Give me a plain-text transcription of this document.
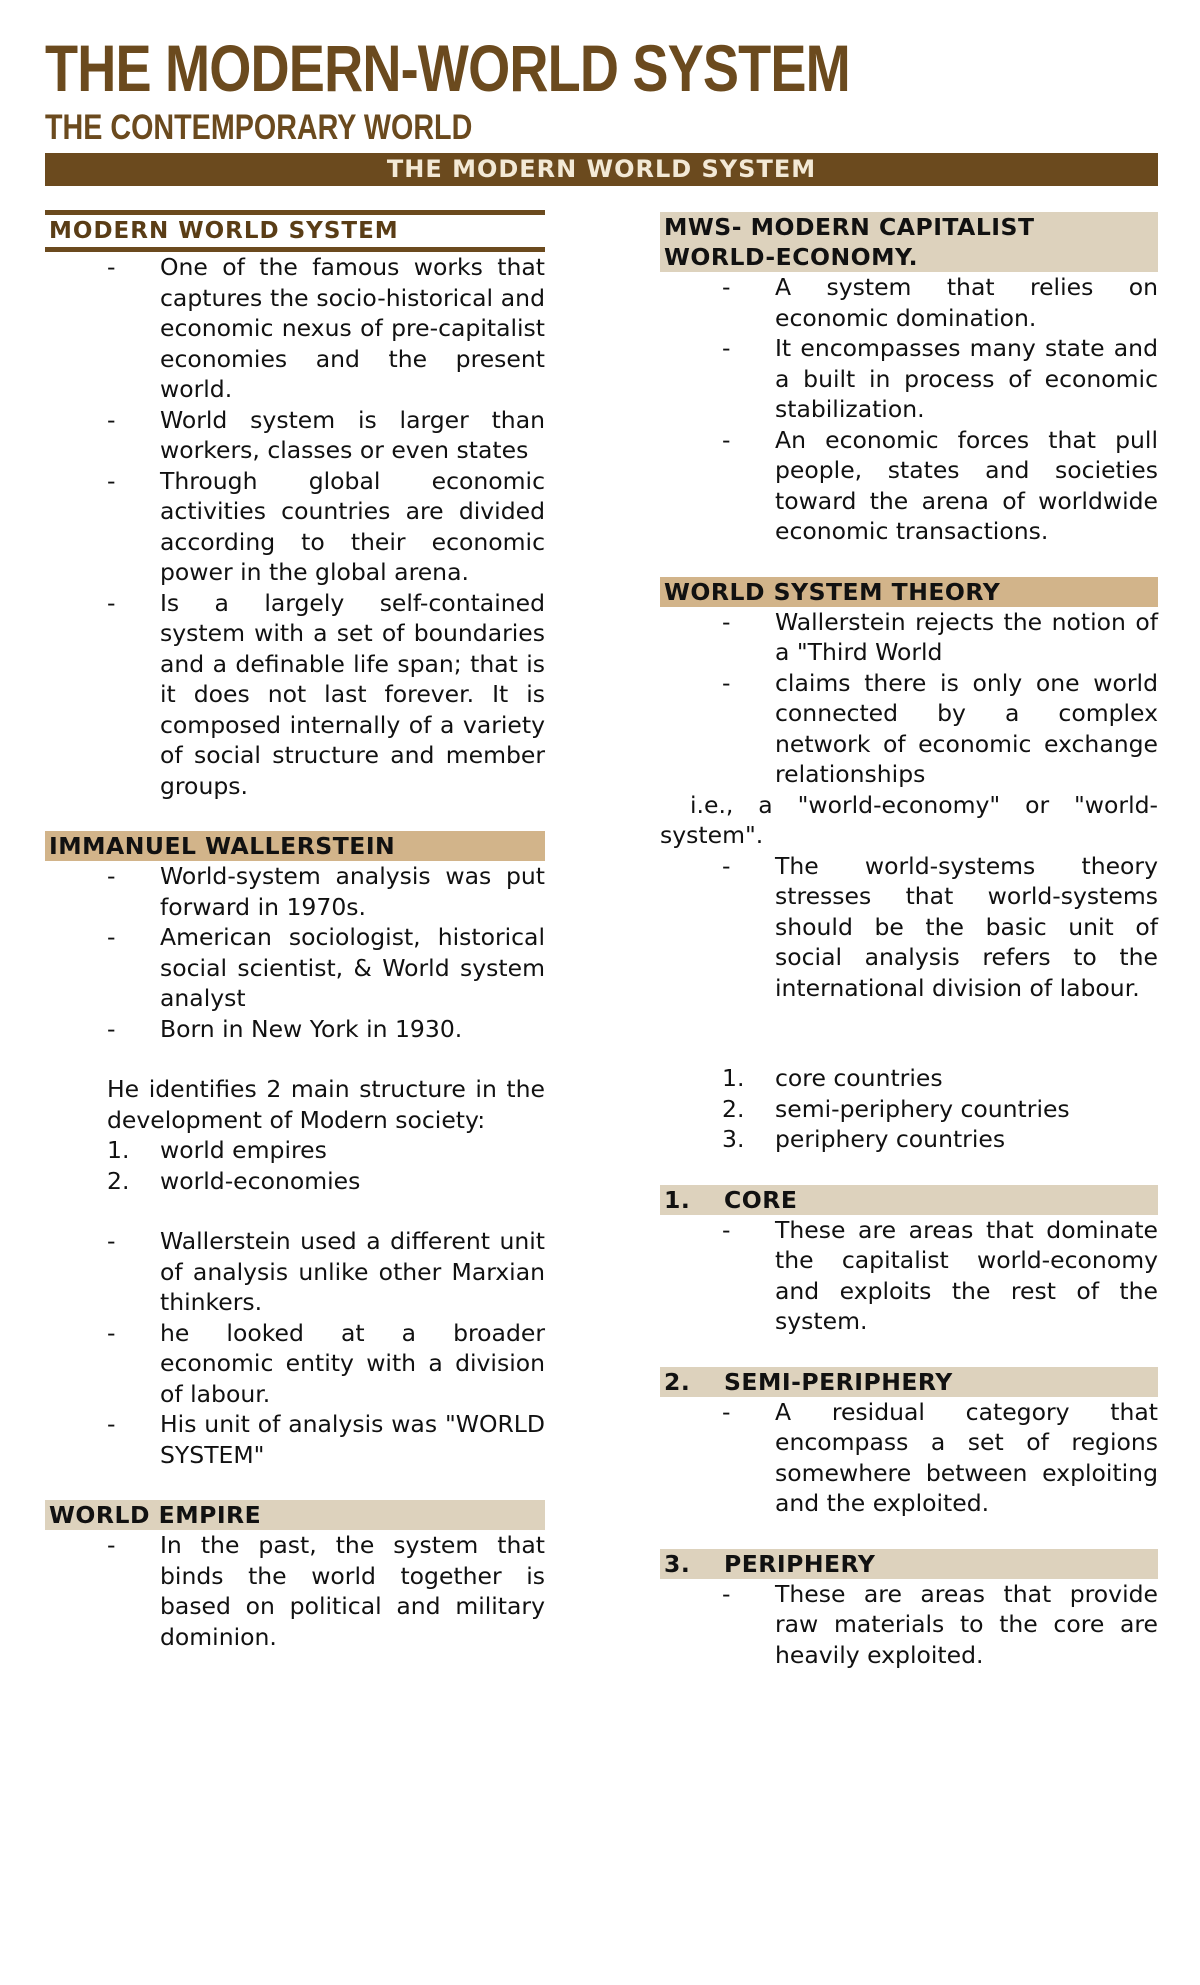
THE MODERN-WORLD SYSTEM
THE CONTEMPORARY WORLD
THE MODERN WORLD SYSTEM
MODERN WORLD SYSTEM
-	One of the famous works that captures the socio-historical and economic nexus of pre-capitalist economies and the present world.
-	World system is larger than workers, classes or even states
-	Through global economic activities countries are divided according to their economic power in the global arena.
-	Is a largely self-contained system with a set of boundaries and a definable life span; that is it does not last forever. It is composed internally of a variety of social structure and member groups.
IMMANUEL WALLERSTEIN
-	World-system analysis was put forward in 1970s.
-	American sociologist, historical social scientist, & World system analyst
-	Born in New York in 1930.
He identifies 2 main structure in the development of Modern society:
1.	world empires
2.	world-economies
-	Wallerstein used a different unit of analysis unlike other Marxian thinkers.
-	he looked at a broader economic entity with a division of labour.
-	His unit of analysis was "WORLD SYSTEM"
WORLD EMPIRE
-	In the past, the system that binds the world together is based on political and military dominion.
MWS- MODERN CAPITALIST
WORLD-ECONOMY.
-	A system that relies on economic domination.
-	It encompasses many state and a built in process of economic stabilization.
-	An economic forces that pull people, states and societies toward the arena of worldwide economic transactions.
WORLD SYSTEM THEORY
-	Wallerstein rejects the notion of a "Third World
-	claims there is only one world connected by a complex network of economic exchange relationships
i.e., a "world-economy" or "world-system".
-	The world-systems theory stresses that world-systems should be the basic unit of social analysis refers to the international division of labour.
1.	core countries
2.	semi-periphery countries
3.	periphery countries
1.	CORE
-	These are areas that dominate the capitalist world-economy and exploits the rest of the system.
2.	SEMI-PERIPHERY
-	A residual category that encompass a set of regions somewhere between exploiting and the exploited.
3.	PERIPHERY
-	These are areas that provide raw materials to the core are heavily exploited.
